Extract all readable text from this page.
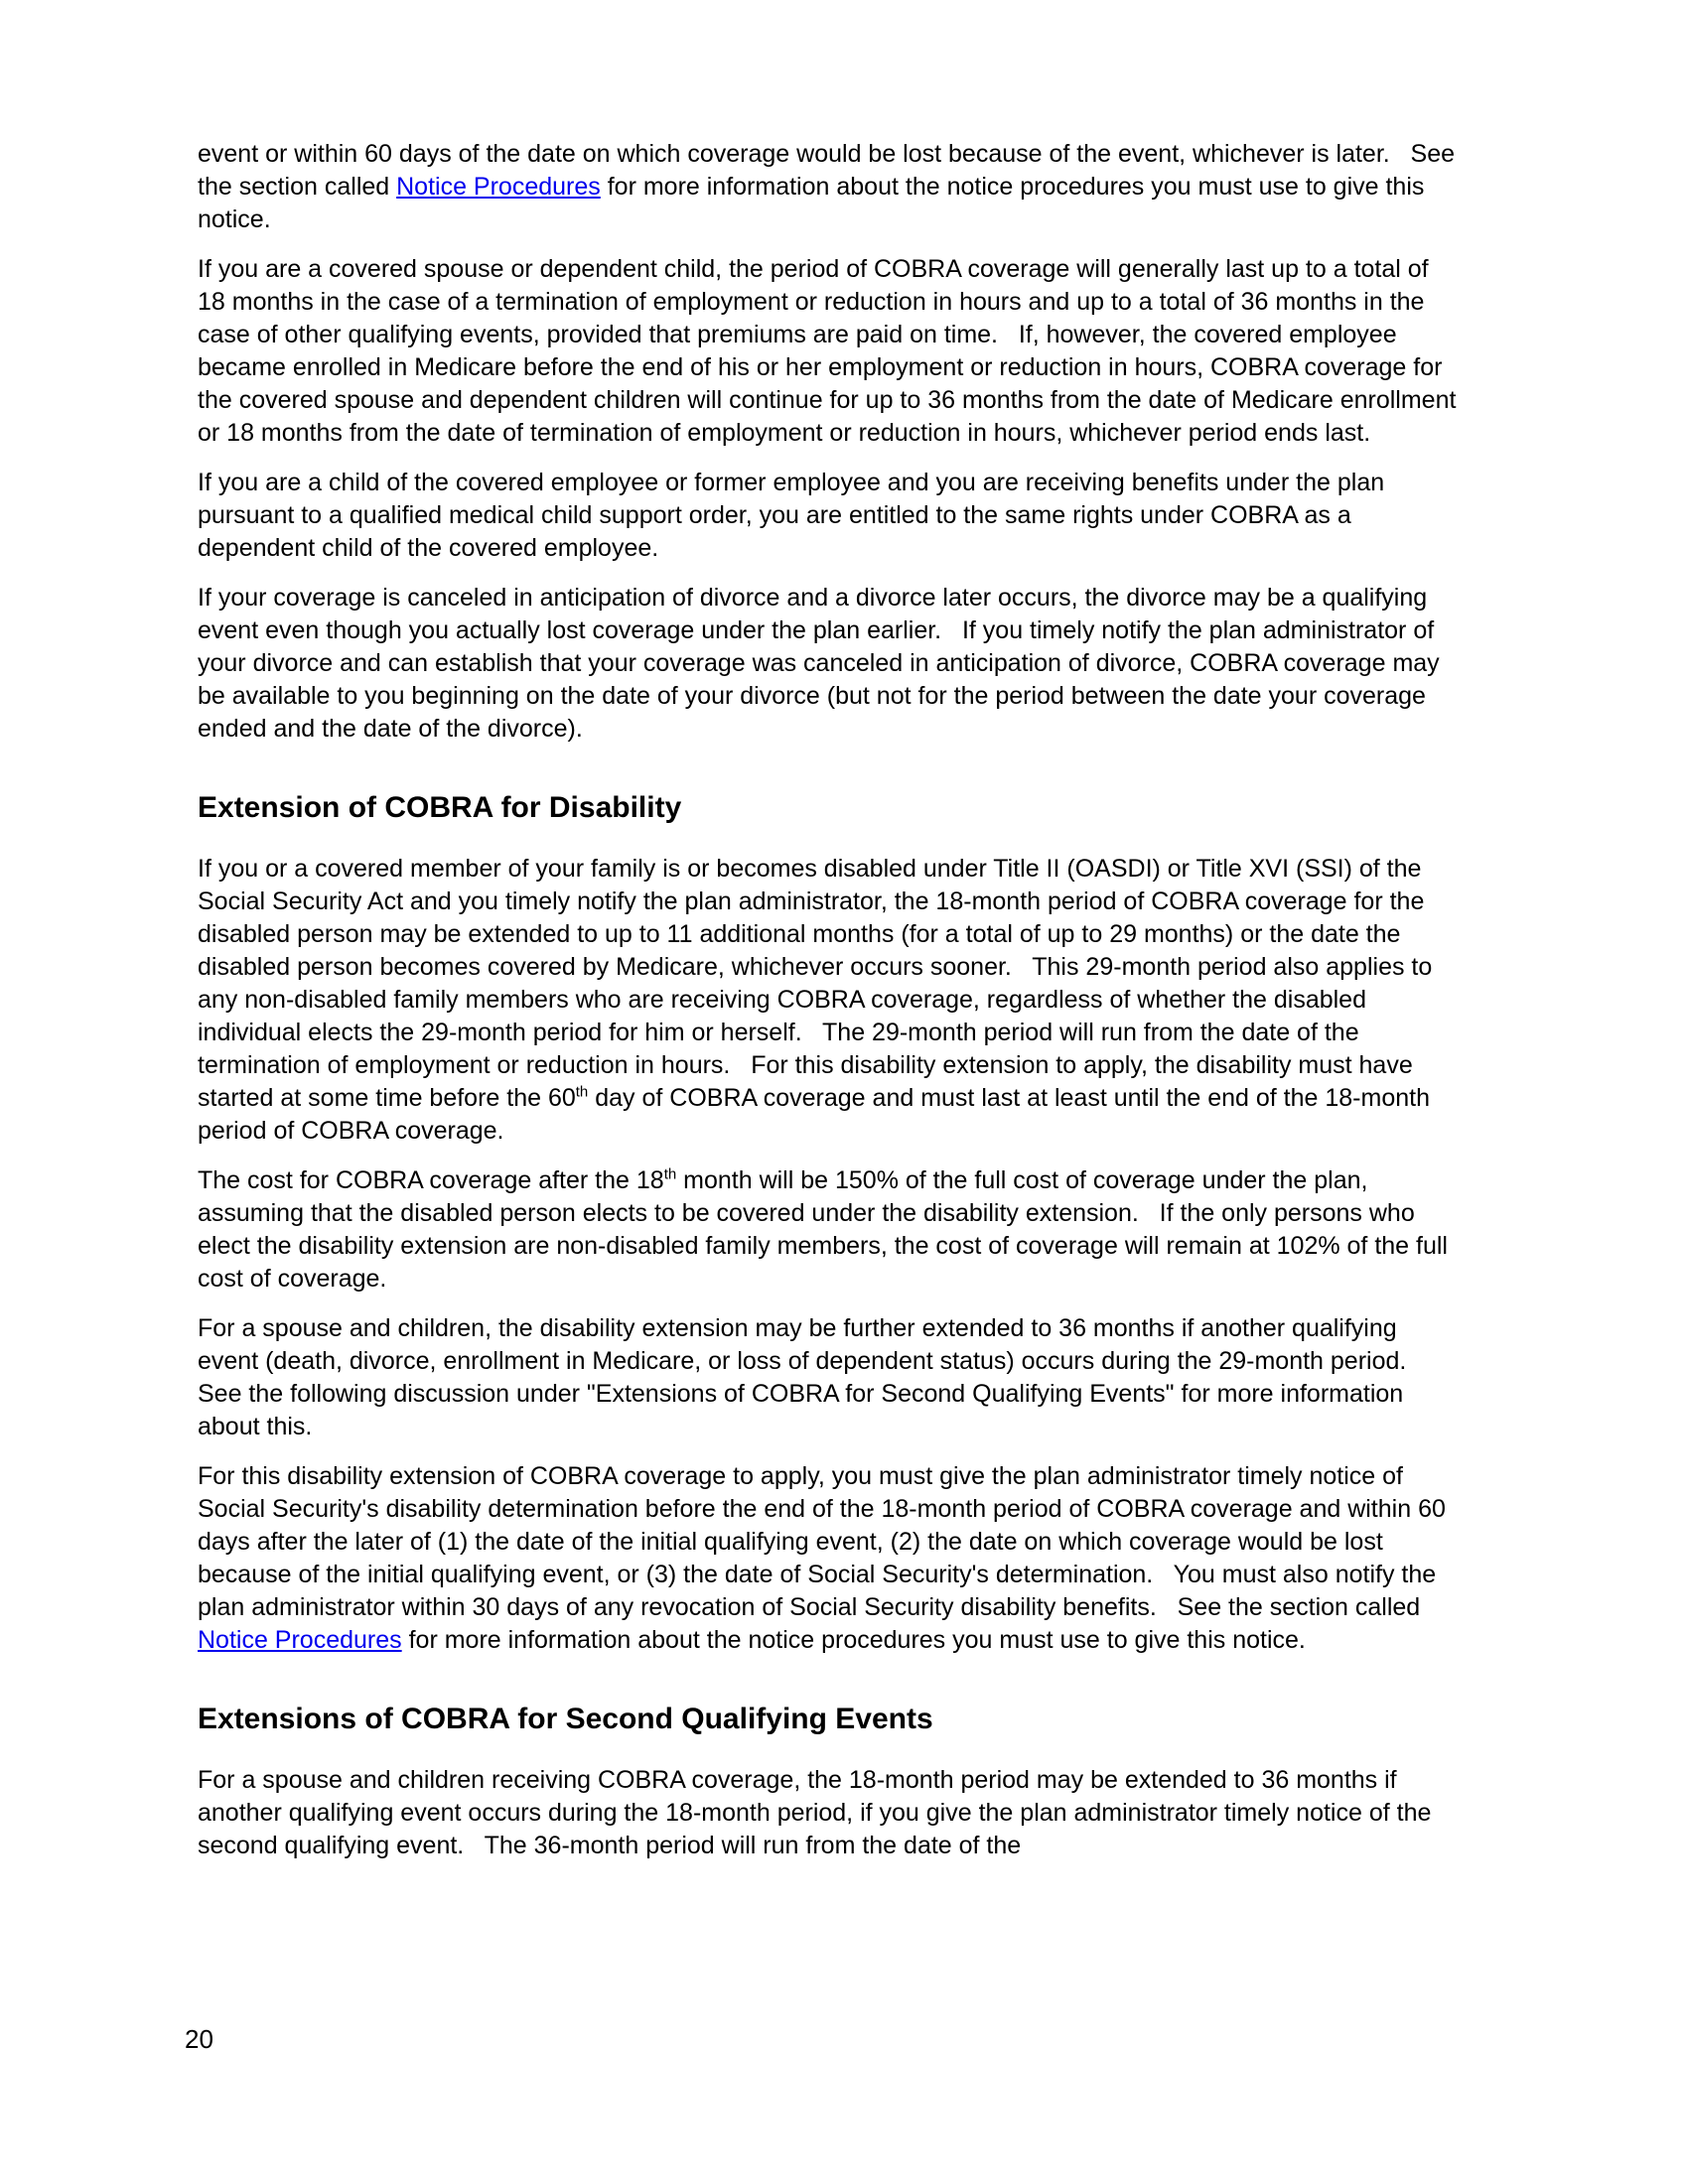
event or within 60 days of the date on which coverage would be lost because of the event, whichever is later.   See the section called Notice Procedures for more information about the notice procedures you must use to give this notice.

If you are a covered spouse or dependent child, the period of COBRA coverage will generally last up to a total of 18 months in the case of a termination of employment or reduction in hours and up to a total of 36 months in the case of other qualifying events, provided that premiums are paid on time.   If, however, the covered employee became enrolled in Medicare before the end of his or her employment or reduction in hours, COBRA coverage for the covered spouse and dependent children will continue for up to 36 months from the date of Medicare enrollment or 18 months from the date of termination of employment or reduction in hours, whichever period ends last.

If you are a child of the covered employee or former employee and you are receiving benefits under the plan pursuant to a qualified medical child support order, you are entitled to the same rights under COBRA as a dependent child of the covered employee.

If your coverage is canceled in anticipation of divorce and a divorce later occurs, the divorce may be a qualifying event even though you actually lost coverage under the plan earlier.   If you timely notify the plan administrator of your divorce and can establish that your coverage was canceled in anticipation of divorce, COBRA coverage may be available to you beginning on the date of your divorce (but not for the period between the date your coverage ended and the date of the divorce).

Extension of COBRA for Disability

If you or a covered member of your family is or becomes disabled under Title II (OASDI) or Title XVI (SSI) of the Social Security Act and you timely notify the plan administrator, the 18-month period of COBRA coverage for the disabled person may be extended to up to 11 additional months (for a total of up to 29 months) or the date the disabled person becomes covered by Medicare, whichever occurs sooner.   This 29-month period also applies to any non-disabled family members who are receiving COBRA coverage, regardless of whether the disabled individual elects the 29-month period for him or herself.   The 29-month period will run from the date of the termination of employment or reduction in hours.   For this disability extension to apply, the disability must have started at some time before the 60th day of COBRA coverage and must last at least until the end of the 18-month period of COBRA coverage.

The cost for COBRA coverage after the 18th month will be 150% of the full cost of coverage under the plan, assuming that the disabled person elects to be covered under the disability extension.   If the only persons who elect the disability extension are non-disabled family members, the cost of coverage will remain at 102% of the full cost of coverage.

For a spouse and children, the disability extension may be further extended to 36 months if another qualifying event (death, divorce, enrollment in Medicare, or loss of dependent status) occurs during the 29-month period.   See the following discussion under "Extensions of COBRA for Second Qualifying Events" for more information about this.

For this disability extension of COBRA coverage to apply, you must give the plan administrator timely notice of Social Security's disability determination before the end of the 18-month period of COBRA coverage and within 60 days after the later of (1) the date of the initial qualifying event, (2) the date on which coverage would be lost because of the initial qualifying event, or (3) the date of Social Security's determination.   You must also notify the plan administrator within 30 days of any revocation of Social Security disability benefits.   See the section called Notice Procedures for more information about the notice procedures you must use to give this notice.

Extensions of COBRA for Second Qualifying Events

For a spouse and children receiving COBRA coverage, the 18-month period may be extended to 36 months if another qualifying event occurs during the 18-month period, if you give the plan administrator timely notice of the second qualifying event.   The 36-month period will run from the date of the

20
